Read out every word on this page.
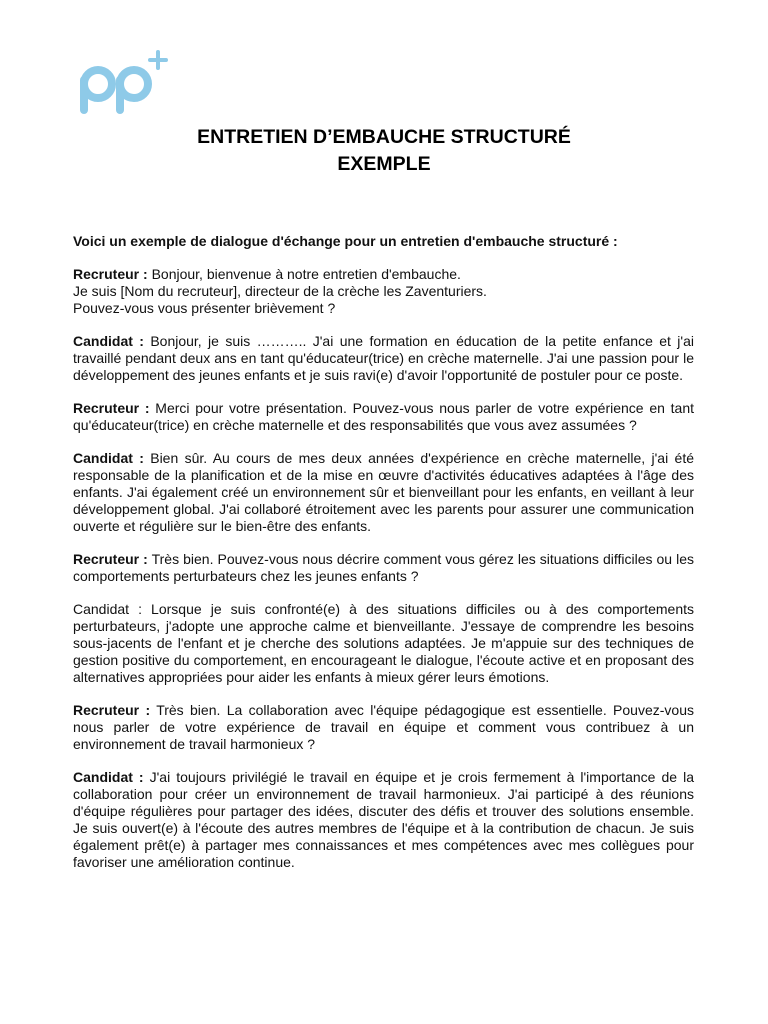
ENTRETIEN D’EMBAUCHE STRUCTURÉ
EXEMPLE

Voici un exemple de dialogue d'échange pour un entretien d'embauche structuré :

Recruteur : Bonjour, bienvenue à notre entretien d'embauche.
Je suis [Nom du recruteur], directeur de la crèche les Zaventuriers.
Pouvez-vous vous présenter brièvement ?

Candidat : Bonjour, je suis ……….. J'ai une formation en éducation de la petite enfance et j'ai travaillé pendant deux ans en tant qu'éducateur(trice) en crèche maternelle. J'ai une passion pour le développement des jeunes enfants et je suis ravi(e) d'avoir l'opportunité de postuler pour ce poste.

Recruteur : Merci pour votre présentation. Pouvez-vous nous parler de votre expérience en tant qu'éducateur(trice) en crèche maternelle et des responsabilités que vous avez assumées ?

Candidat : Bien sûr. Au cours de mes deux années d'expérience en crèche maternelle, j'ai été responsable de la planification et de la mise en œuvre d'activités éducatives adaptées à l'âge des enfants. J'ai également créé un environnement sûr et bienveillant pour les enfants, en veillant à leur développement global. J'ai collaboré étroitement avec les parents pour assurer une communication ouverte et régulière sur le bien-être des enfants.

Recruteur : Très bien. Pouvez-vous nous décrire comment vous gérez les situations difficiles ou les comportements perturbateurs chez les jeunes enfants ?

Candidat : Lorsque je suis confronté(e) à des situations difficiles ou à des comportements perturbateurs, j'adopte une approche calme et bienveillante. J'essaye de comprendre les besoins sous-jacents de l'enfant et je cherche des solutions adaptées. Je m'appuie sur des techniques de gestion positive du comportement, en encourageant le dialogue, l'écoute active et en proposant des alternatives appropriées pour aider les enfants à mieux gérer leurs émotions.

Recruteur : Très bien. La collaboration avec l'équipe pédagogique est essentielle. Pouvez-vous nous parler de votre expérience de travail en équipe et comment vous contribuez à un environnement de travail harmonieux ?

Candidat : J'ai toujours privilégié le travail en équipe et je crois fermement à l'importance de la collaboration pour créer un environnement de travail harmonieux. J'ai participé à des réunions d'équipe régulières pour partager des idées, discuter des défis et trouver des solutions ensemble. Je suis ouvert(e) à l'écoute des autres membres de l'équipe et à la contribution de chacun. Je suis également prêt(e) à partager mes connaissances et mes compétences avec mes collègues pour favoriser une amélioration continue.
